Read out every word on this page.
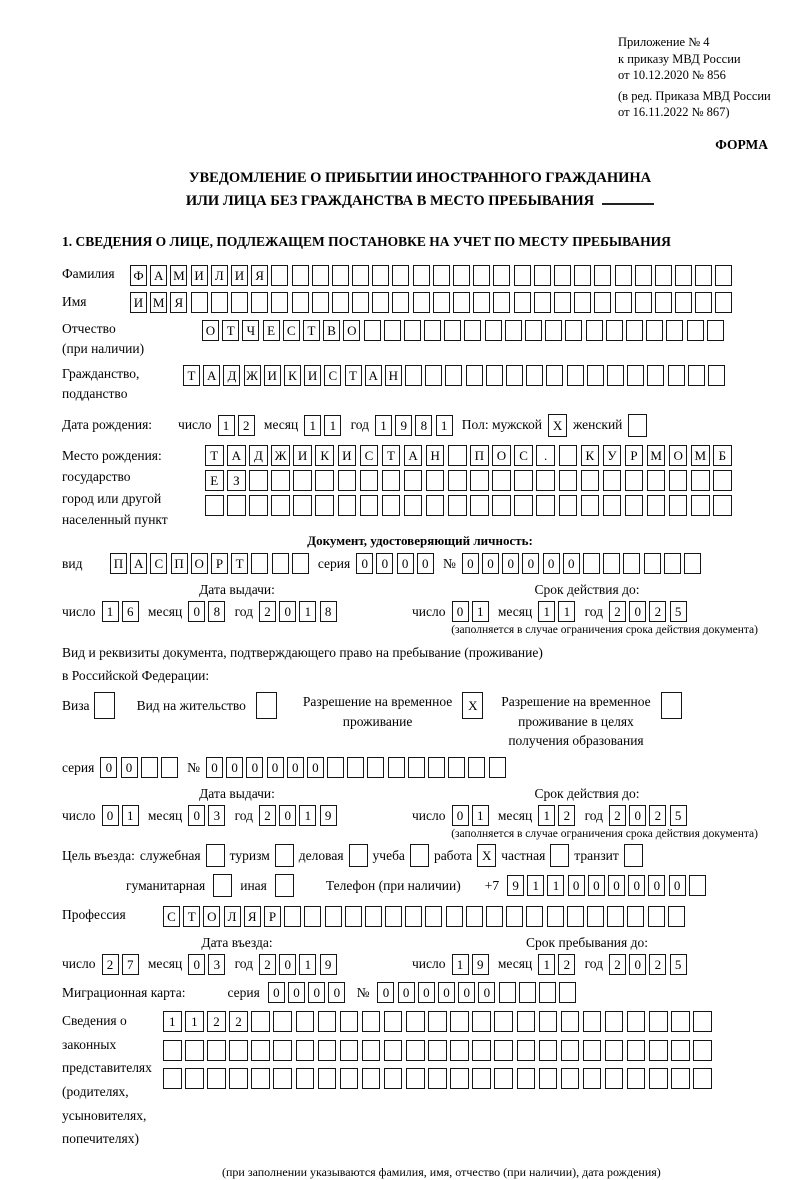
Приложение № 4
к приказу МВД России
от 10.12.2020 № 856
(в ред. Приказа МВД России
от 16.11.2022 № 867)
ФОРМА
УВЕДОМЛЕНИЕ О ПРИБЫТИИ ИНОСТРАННОГО ГРАЖДАНИНА
ИЛИ ЛИЦА БЕЗ ГРАЖДАНСТВА В МЕСТО ПРЕБЫВАНИЯ
1. СВЕДЕНИЯ О ЛИЦЕ, ПОДЛЕЖАЩЕМ ПОСТАНОВКЕ НА УЧЕТ ПО МЕСТУ ПРЕБЫВАНИЯ
Фамилия	Ф А М И Л И Я
Имя	И М Я
Отчество
(при наличии)
О Т Ч Е С Т В О
Гражданство,
подданство
Т А Д Ж И К И С Т А Н
Дата рождения: число 1 2	месяц 1 1	год 1 9 8 1	Пол: мужской X женский
Место рождения:
государство
город или другой
населенный пункт
Т А Д Ж И К И С Т А Н	П О С .	К У Р М О М Б
Е З
Документ, удостоверяющий личность:
вид	П А С П О Р Т	серия 0 0 0 0	№ 0 0 0 0 0 0
Дата выдачи:
число 1 6	месяц 0 8	год 2 0 1 8
Срок действия до:
число 0 1	месяц 1 1	год 2 0 2 5
(заполняется в случае ограничения срока действия документа)
Вид и реквизиты документа, подтверждающего право на пребывание (проживание)
в Российской Федерации:
Виза	Вид на жительство	Разрешение на временное
проживание
X	Разрешение на временное
проживание в целях
получения образования
серия 0 0	№ 0 0 0 0 0 0
Дата выдачи:
число 0 1	месяц 0 3	год 2 0 1 9
Срок действия до:
число 0 1	месяц 1 2	год 2 0 2 5
(заполняется в случае ограничения срока действия документа)
Цель въезда: служебная туризм деловая учеба работа X частная транзит
гуманитарная	иная	Телефон (при наличии) +7	9 1 1 0 0 0 0 0 0
Профессия	С Т О Л Я Р
Дата въезда:
число 2 7	месяц 0 3	год 2 0 1 9
Срок пребывания до:
число 1 9	месяц 1 2	год 2 0 2 5
Миграционная карта:	серия	0 0 0 0	№	0 0 0 0 0 0
Сведения о
законных
представителях
(родителях,
усыновителях,
попечителях)
1 1 2 2
(при заполнении указываются фамилия, имя, отчество (при наличии), дата рождения)
